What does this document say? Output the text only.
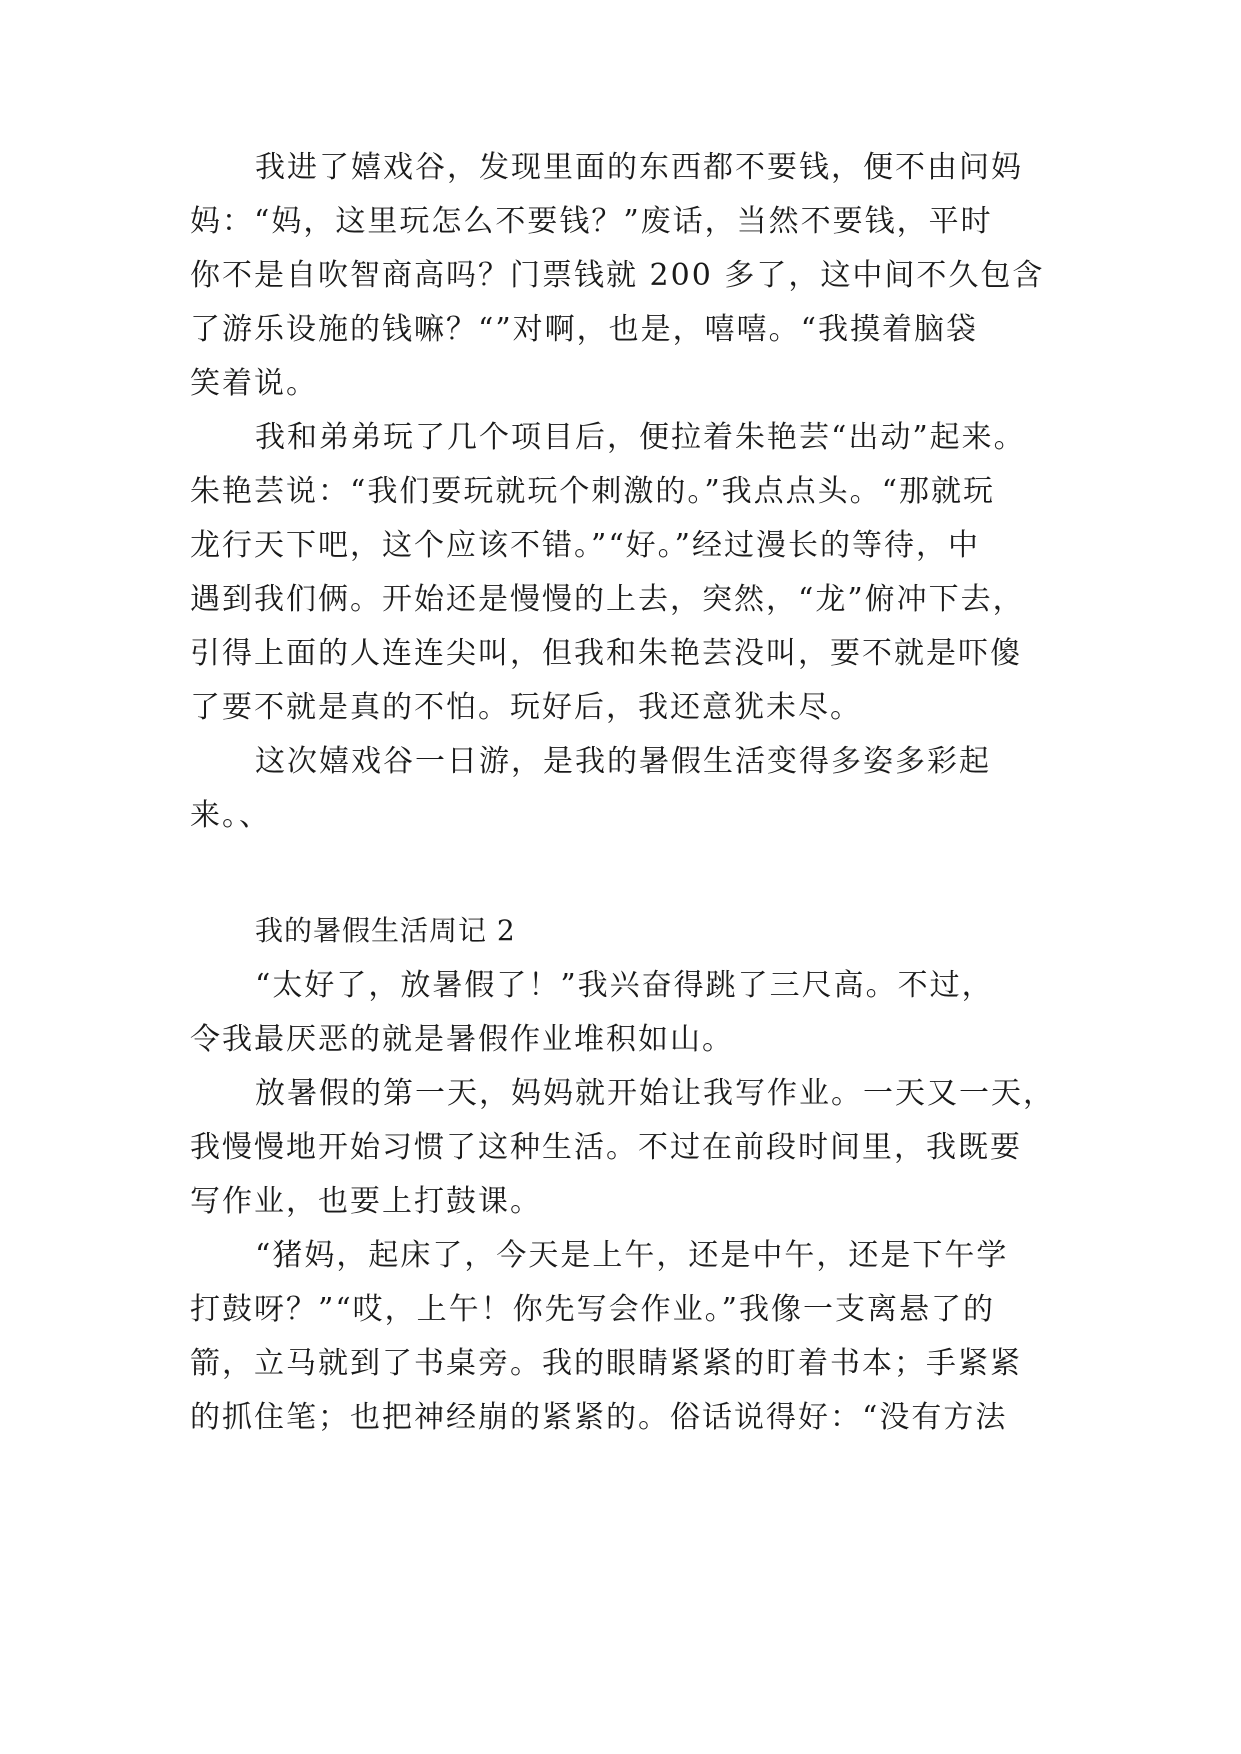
我进了嬉戏谷，发现里面的东西都不要钱，便不由问妈
妈：“妈，这里玩怎么不要钱？”废话，当然不要钱，平时
你不是自吹智商高吗？门票钱就 200 多了，这中间不久包含
了游乐设施的钱嘛？“”对啊，也是，嘻嘻。“我摸着脑袋
笑着说。
我和弟弟玩了几个项目后，便拉着朱艳芸“出动”起来。
朱艳芸说：“我们要玩就玩个刺激的。”我点点头。“那就玩
龙行天下吧，这个应该不错。”“好。”经过漫长的等待，中
遇到我们俩。开始还是慢慢的上去，突然，“龙”俯冲下去，
引得上面的人连连尖叫，但我和朱艳芸没叫，要不就是吓傻
了要不就是真的不怕。玩好后，我还意犹未尽。
这次嬉戏谷一日游，是我的暑假生活变得多姿多彩起
来。、
我的暑假生活周记 2
“太好了，放暑假了！”我兴奋得跳了三尺高。不过，
令我最厌恶的就是暑假作业堆积如山。
放暑假的第一天，妈妈就开始让我写作业。一天又一天，
我慢慢地开始习惯了这种生活。不过在前段时间里，我既要
写作业，也要上打鼓课。
“猪妈，起床了，今天是上午，还是中午，还是下午学
打鼓呀？”“哎，上午！你先写会作业。”我像一支离悬了的
箭，立马就到了书桌旁。我的眼睛紧紧的盯着书本；手紧紧
的抓住笔；也把神经崩的紧紧的。俗话说得好：“没有方法
